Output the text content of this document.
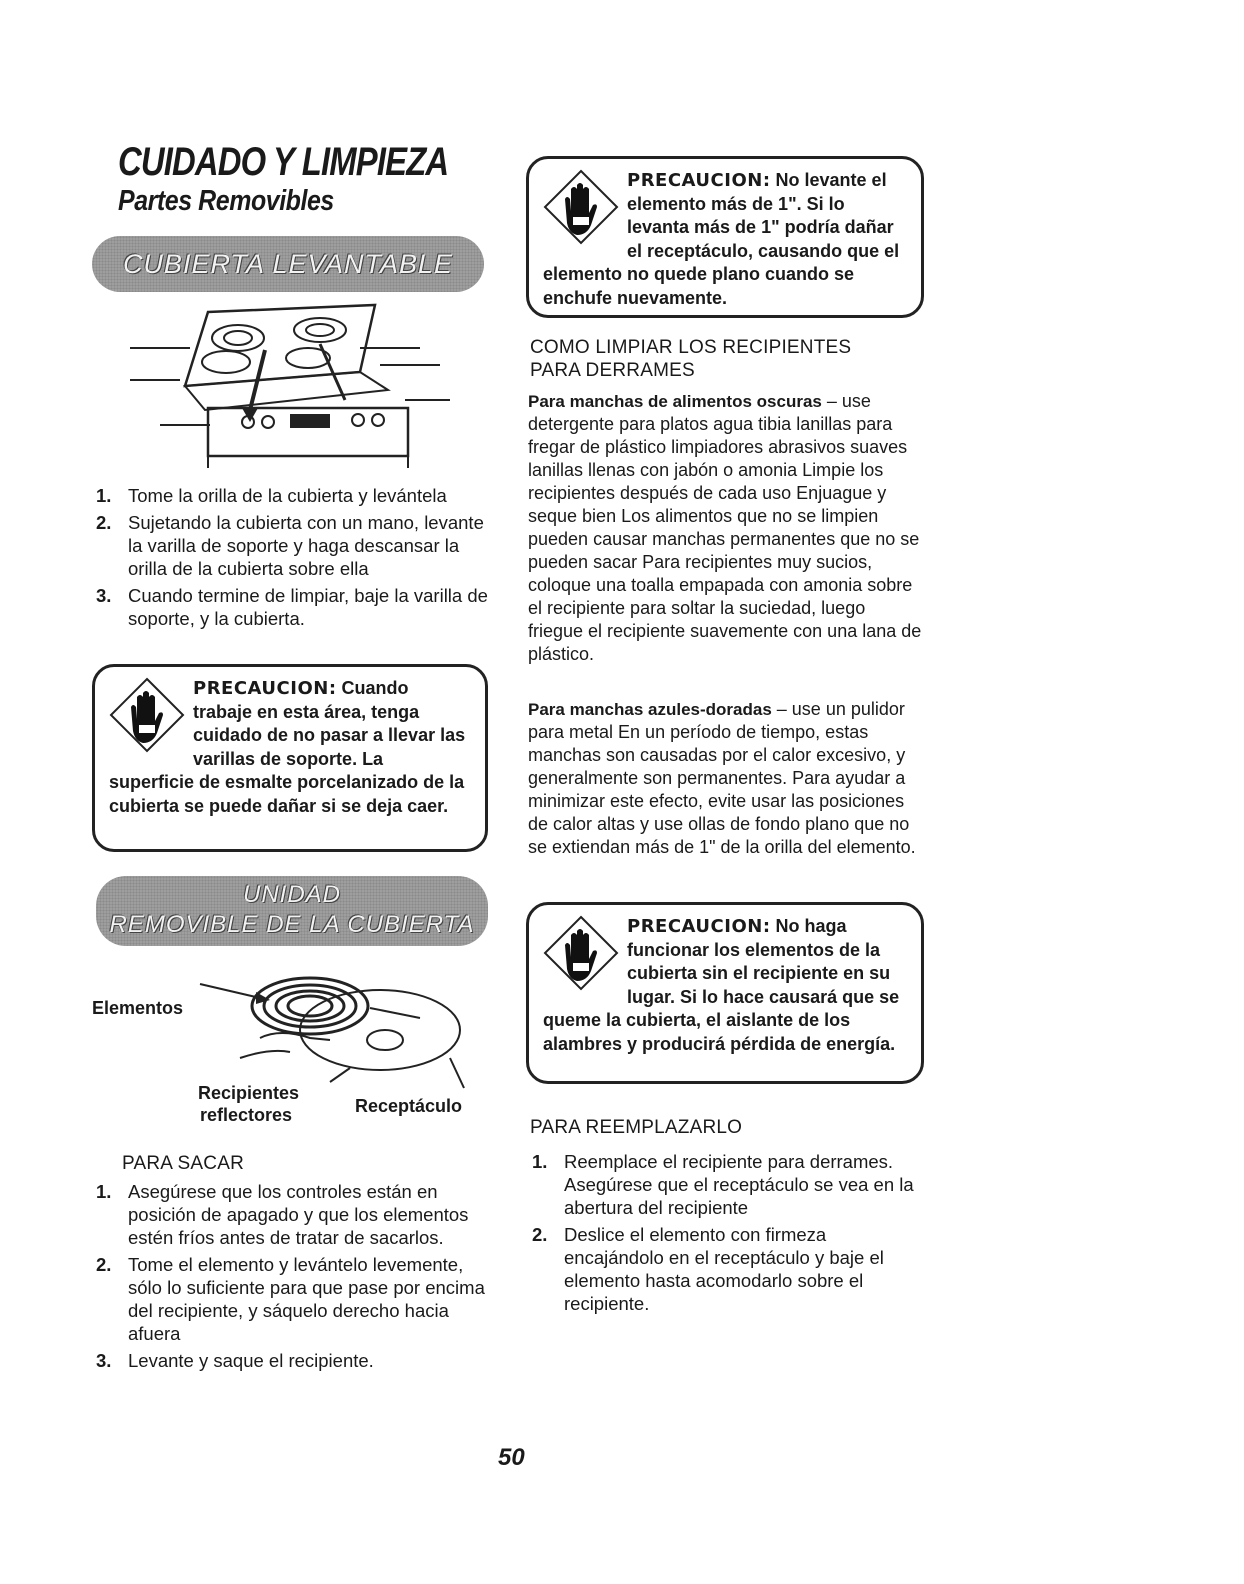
CUIDADO Y LIMPIEZA
Partes Removibles
CUBIERTA LEVANTABLE
1. Tome la orilla de la cubierta y levántela
2. Sujetando la cubierta con un mano, levante la varilla de soporte y haga descansar la orilla de la cubierta sobre ella
3. Cuando termine de limpiar, baje la varilla de soporte, y la cubierta.
PRECAUCION: Cuando trabaje en esta área, tenga cuidado de no pasar a llevar las varillas de soporte. La superficie de esmalte porcelanizado de la cubierta se puede dañar si se deja caer.
UNIDAD
REMOVIBLE DE LA CUBIERTA
Elementos
Recipientes
reflectores	Receptáculo
PARA SACAR
1. Asegúrese que los controles están en posición de apagado y que los elementos estén fríos antes de tratar de sacarlos.
2. Tome el elemento y levántelo levemente, sólo lo suficiente para que pase por encima del recipiente, y sáquelo derecho hacia afuera
3. Levante y saque el recipiente.
PRECAUCION: No levante el elemento más de 1". Si lo levanta más de 1" podría dañar el receptáculo, causando que el elemento no quede plano cuando se enchufe nuevamente.
COMO LIMPIAR LOS RECIPIENTES PARA DERRAMES
Para manchas de alimentos oscuras – use detergente para platos agua tibia lanillas para fregar de plástico limpiadores abrasivos suaves lanillas llenas con jabón o amonia Limpie los recipientes después de cada uso Enjuague y seque bien Los alimentos que no se limpien pueden causar manchas permanentes que no se pueden sacar Para recipientes muy sucios, coloque una toalla empapada con amonia sobre el recipiente para soltar la suciedad, luego friegue el recipiente suavemente con una lana de plástico.
Para manchas azules-doradas – use un pulidor para metal En un período de tiempo, estas manchas son causadas por el calor excesivo, y generalmente son permanentes. Para ayudar a minimizar este efecto, evite usar las posiciones de calor altas y use ollas de fondo plano que no se extiendan más de 1" de la orilla del elemento.
PRECAUCION: No haga funcionar los elementos de la cubierta sin el recipiente en su lugar. Si lo hace causará que se queme la cubierta, el aislante de los alambres y producirá pérdida de energía.
PARA REEMPLAZARLO
1. Reemplace el recipiente para derrames. Asegúrese que el receptáculo se vea en la abertura del recipiente
2. Deslice el elemento con firmeza encajándolo en el receptáculo y baje el elemento hasta acomodarlo sobre el recipiente.
50
